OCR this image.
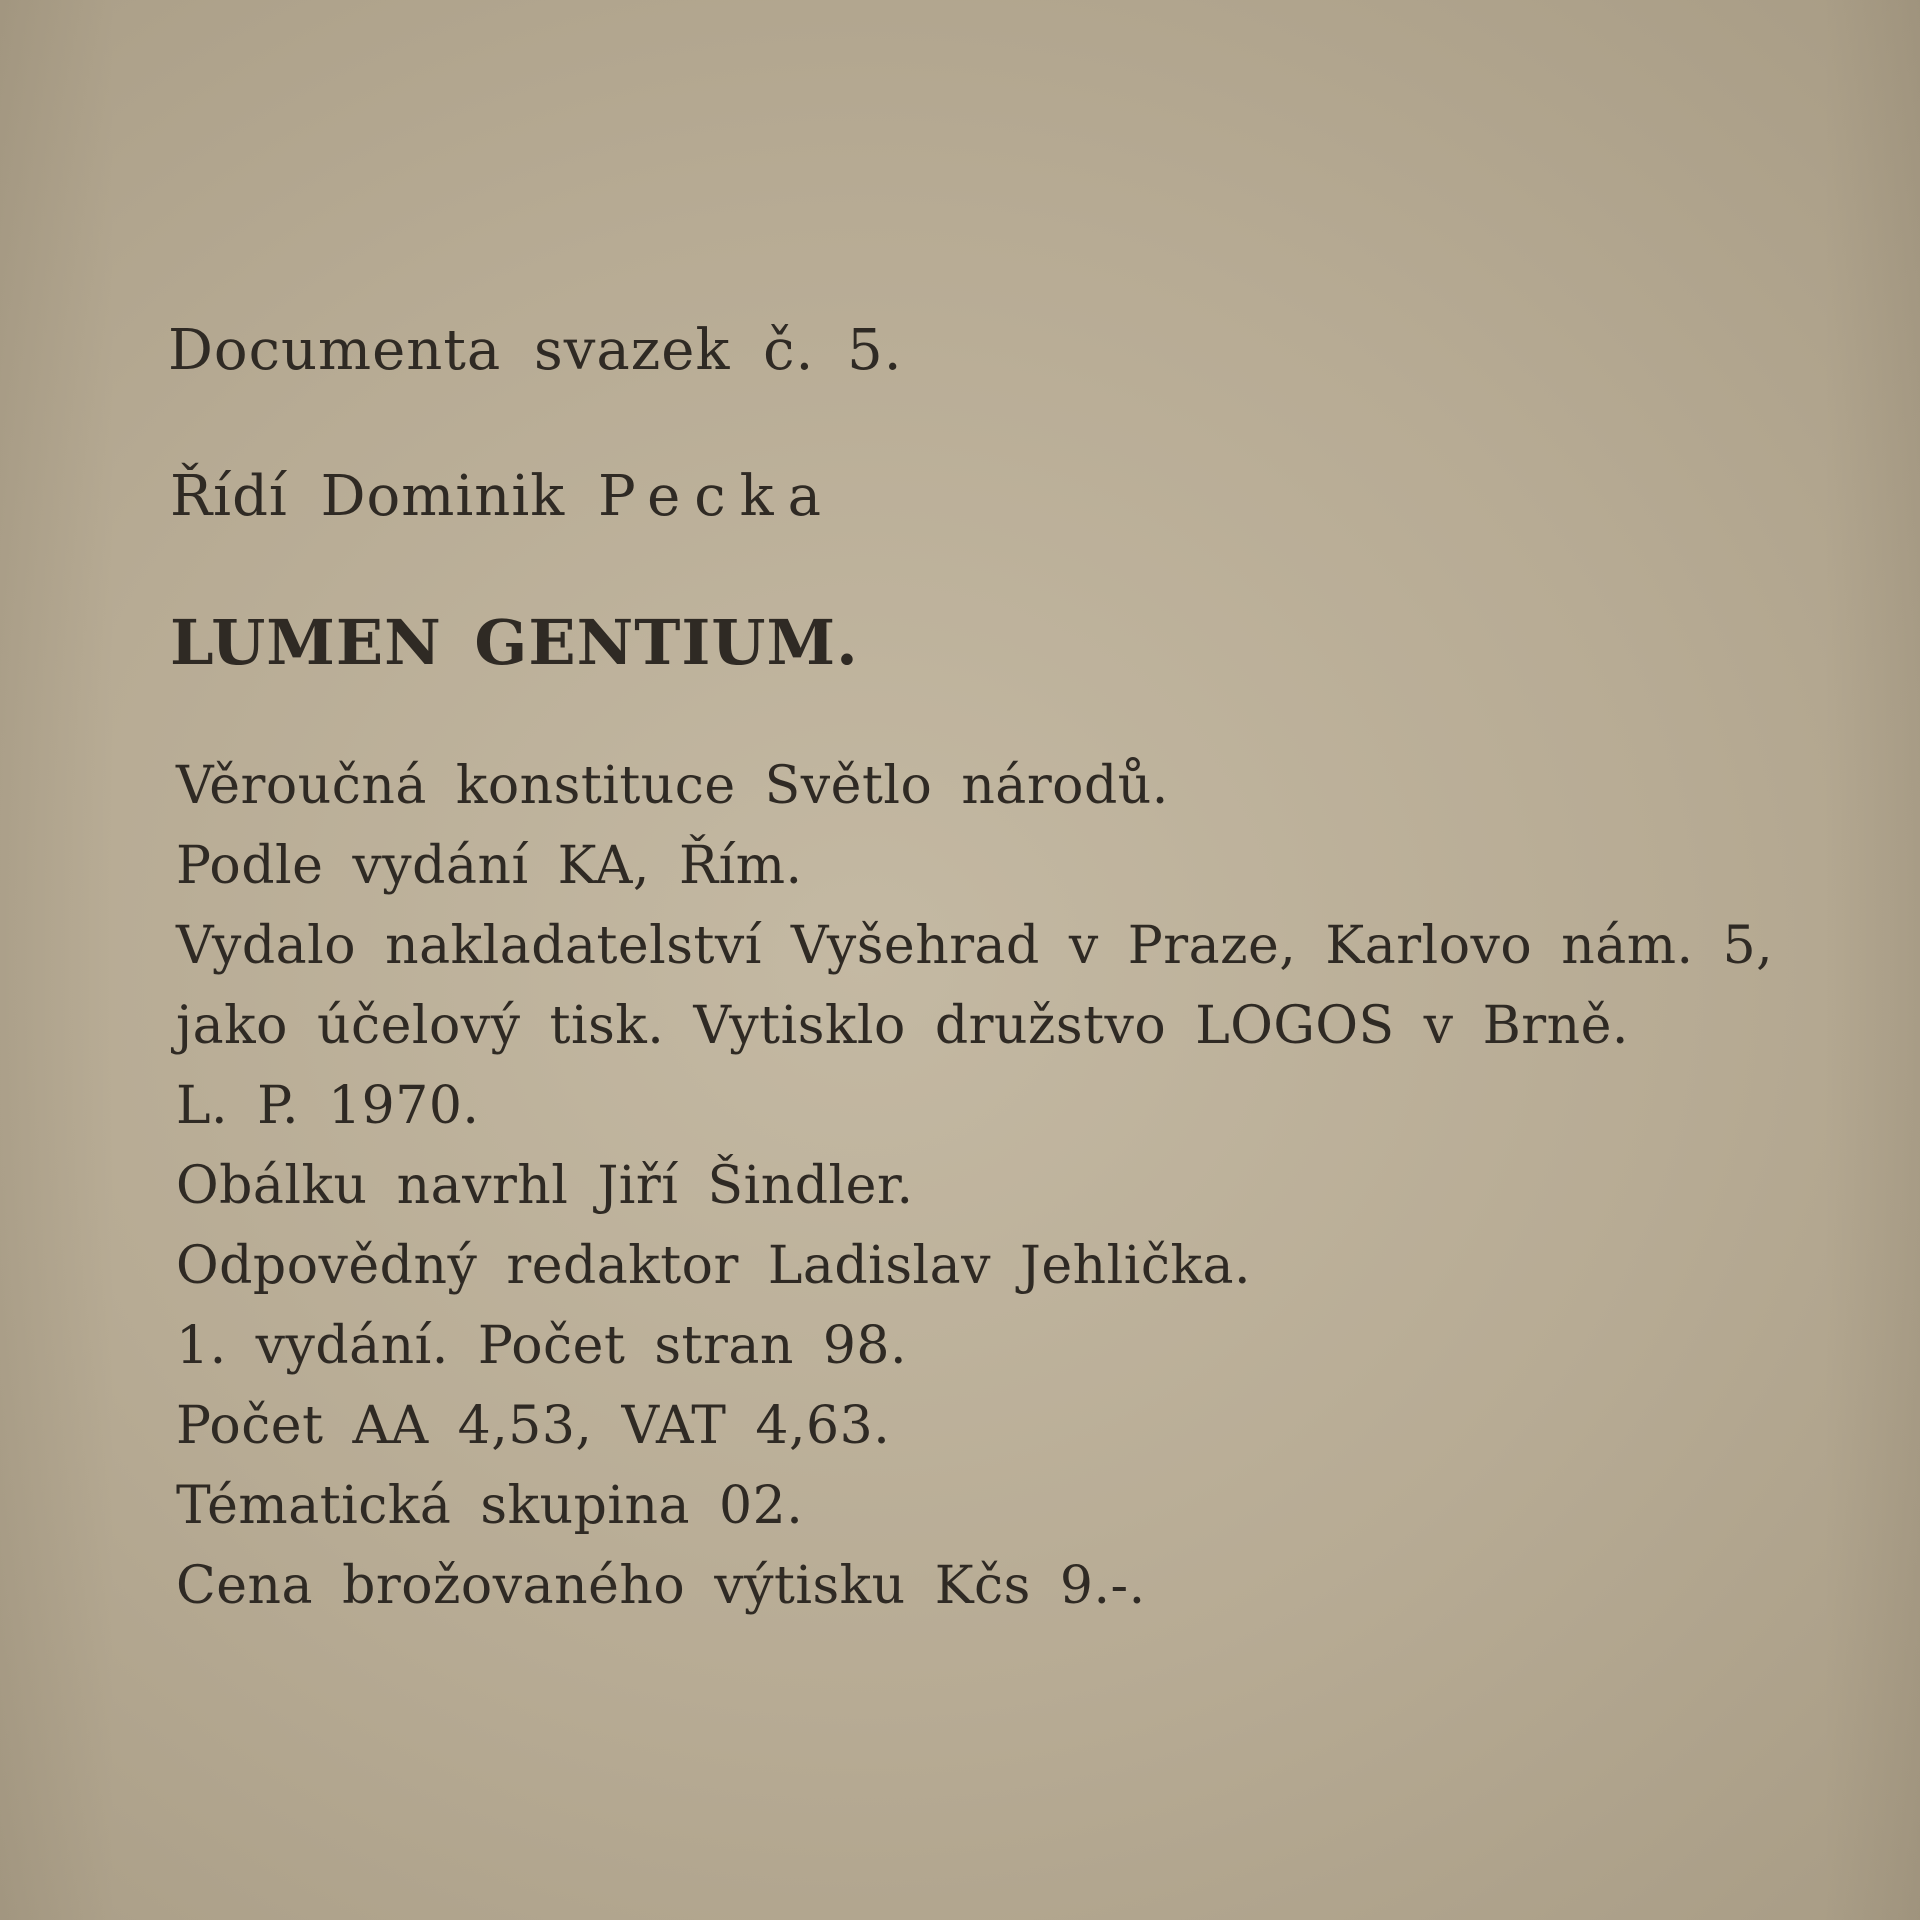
Documenta svazek č. 5.

Řídí Dominik Pecka

LUMEN GENTIUM.

Věroučná konstituce Světlo národů.
Podle vydání KA, Řím.
Vydalo nakladatelství Vyšehrad v Praze, Karlovo nám. 5,
jako účelový tisk. Vytisklo družstvo LOGOS v Brně.
L. P. 1970.
Obálku navrhl Jiří Šindler.
Odpovědný redaktor Ladislav Jehlička.
1. vydání. Počet stran 98.
Počet AA 4,53, VAT 4,63.
Tématická skupina 02.
Cena brožovaného výtisku Kčs 9.-.
